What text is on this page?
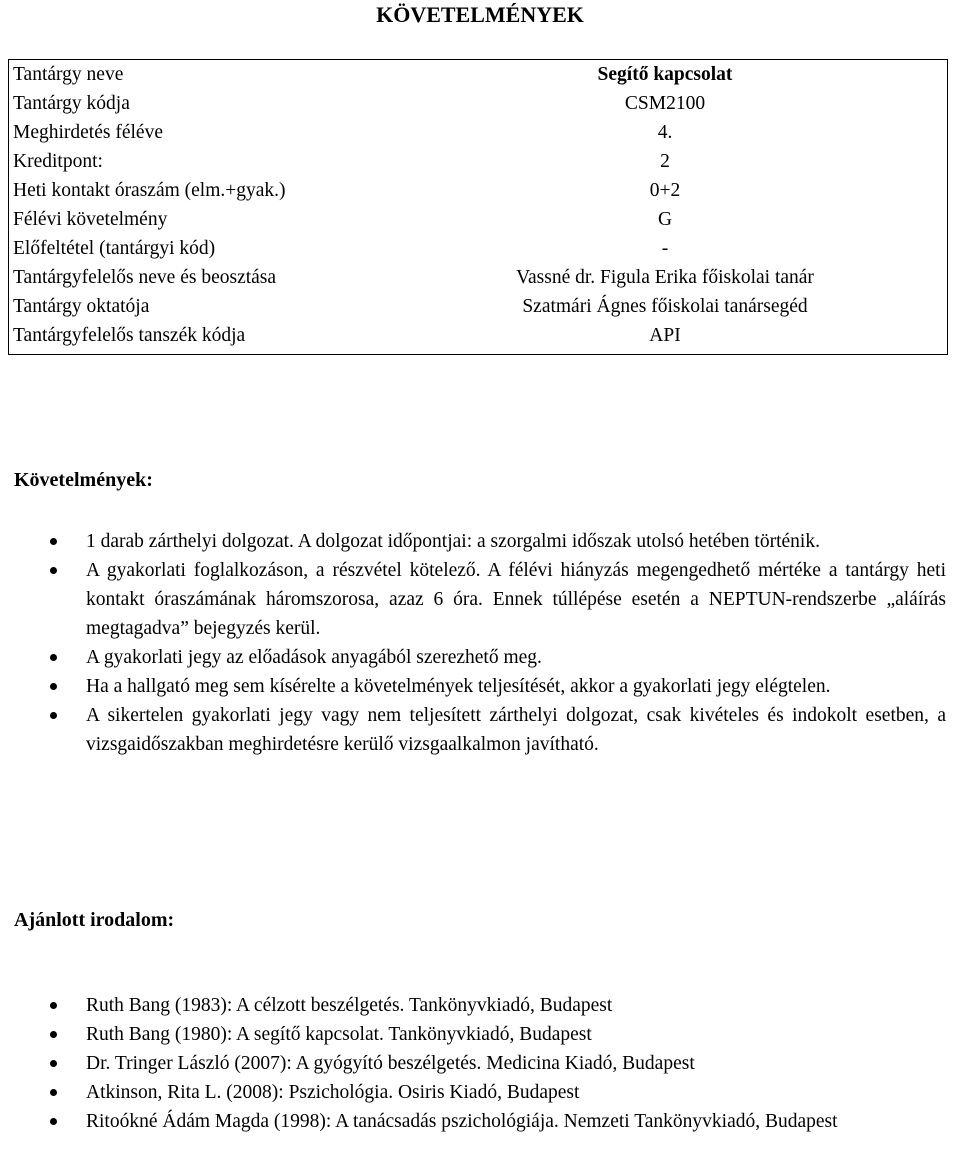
KÖVETELMÉNYEK
Tantárgy neve	Segítő kapcsolat
Tantárgy kódja	CSM2100
Meghirdetés féléve	4.
Kreditpont:	2
Heti kontakt óraszám (elm.+gyak.)	0+2
Félévi követelmény	G
Előfeltétel (tantárgyi kód)	-
Tantárgyfelelős neve és beosztása	Vassné dr. Figula Erika főiskolai tanár
Tantárgy oktatója	Szatmári Ágnes főiskolai tanársegéd
Tantárgyfelelős tanszék kódja	API
Követelmények:
1 darab zárthelyi dolgozat. A dolgozat időpontjai: a szorgalmi időszak utolsó hetében történik.
A gyakorlati foglalkozáson, a részvétel kötelező. A félévi hiányzás megengedhető mértéke a tantárgy heti kontakt óraszámának háromszorosa, azaz 6 óra. Ennek túllépése esetén a NEPTUN-rendszerbe „aláírás megtagadva” bejegyzés kerül.
A gyakorlati jegy az előadások anyagából szerezhető meg.
Ha a hallgató meg sem kísérelte a követelmények teljesítését, akkor a gyakorlati jegy elégtelen.
A sikertelen gyakorlati jegy vagy nem teljesített zárthelyi dolgozat, csak kivételes és indokolt esetben, a vizsgaidőszakban meghirdetésre kerülő vizsgaalkalmon javítható.
Ajánlott irodalom:
Ruth Bang (1983): A célzott beszélgetés. Tankönyvkiadó, Budapest
Ruth Bang (1980): A segítő kapcsolat. Tankönyvkiadó, Budapest
Dr. Tringer László (2007): A gyógyító beszélgetés. Medicina Kiadó, Budapest
Atkinson, Rita L. (2008): Pszichológia. Osiris Kiadó, Budapest
Ritoókné Ádám Magda (1998): A tanácsadás pszichológiája. Nemzeti Tankönyvkiadó, Budapest
